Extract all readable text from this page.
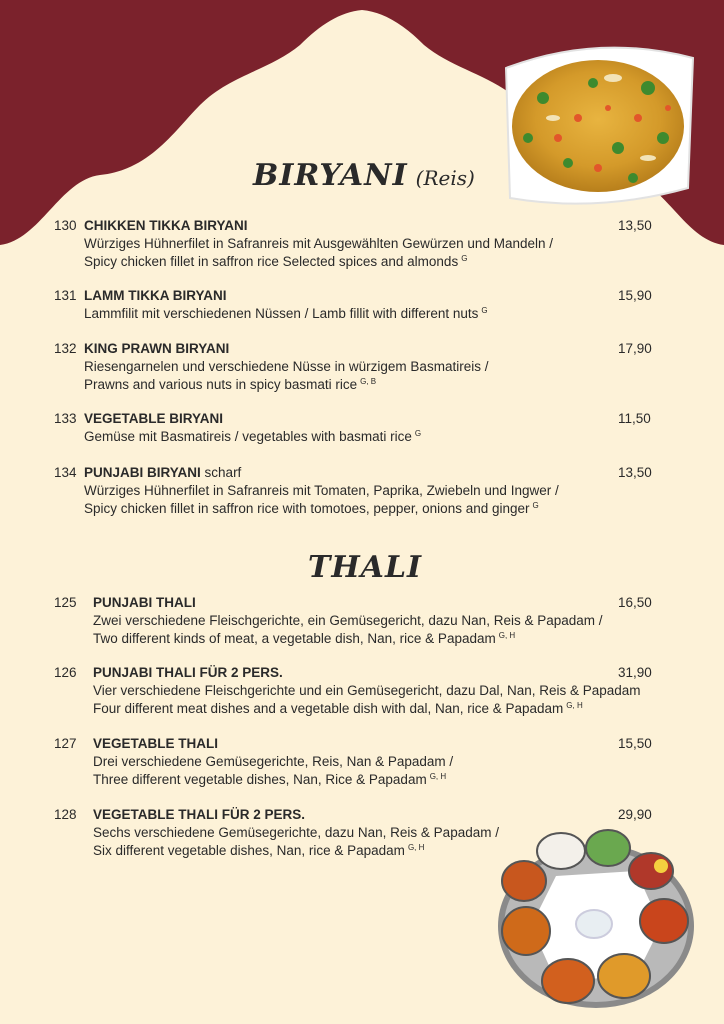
BIRYANI (Reis)
130 CHIKKEN TIKKA BIRYANI	13,50
Würziges Hühnerfilet in Safranreis mit Ausgewählten Gewürzen und Mandeln /
Spicy chicken fillet in saffron rice Selected spices and almonds $^G$
131 LAMM TIKKA BIRYANI	15,90
Lammfilit mit verschiedenen Nüssen / Lamb fillit with different nuts $^G$
132 KING PRAWN BIRYANI	17,90
Riesengarnelen und verschiedene Nüsse in würzigem Basmatireis /
Prawns and various nuts in spicy basmati rice $^{G, B}$
133 VEGETABLE BIRYANI	11,50
Gemüse mit Basmatireis / vegetables with basmati rice $^G$
134 PUNJABI BIRYANI scharf	13,50
Würziges Hühnerfilet in Safranreis mit Tomaten, Paprika, Zwiebeln und Ingwer /
Spicy chicken fillet in saffron rice with tomotoes, pepper, onions and ginger $^G$
THALI
125 PUNJABI THALI	16,50
Zwei verschiedene Fleischgerichte, ein Gemüsegericht, dazu Nan, Reis & Papadam /
Two different kinds of meat, a vegetable dish, Nan, rice & Papadam $^{G, H}$
126 PUNJABI THALI FÜR 2 PERS.	31,90
Vier verschiedene Fleischgerichte und ein Gemüsegericht, dazu Dal, Nan, Reis & Papadam
Four different meat dishes and a vegetable dish with dal, Nan, rice & Papadam $^{G, H}$
127 VEGETABLE THALI	15,50
Drei verschiedene Gemüsegerichte, Reis, Nan & Papadam /
Three different vegetable dishes, Nan, Rice & Papadam $^{G, H}$
128 VEGETABLE THALI FÜR 2 PERS.	29,90
Sechs verschiedene Gemüsegerichte, dazu Nan, Reis & Papadam /
Six different vegetable dishes, Nan, rice & Papadam $^{G, H}$
